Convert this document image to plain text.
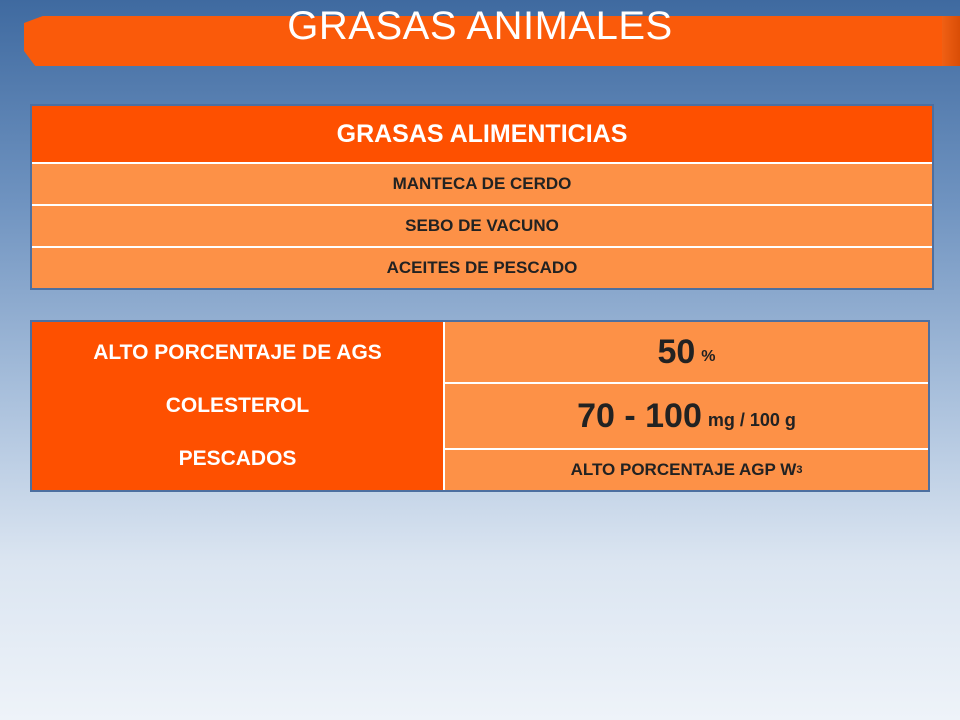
GRASAS ANIMALES
GRASAS ALIMENTICIAS
MANTECA DE CERDO
SEBO DE VACUNO
ACEITES DE PESCADO
ALTO PORCENTAJE DE AGS
COLESTEROL
PESCADOS
50 %
70 - 100 mg / 100 g
ALTO PORCENTAJE AGP W 3
